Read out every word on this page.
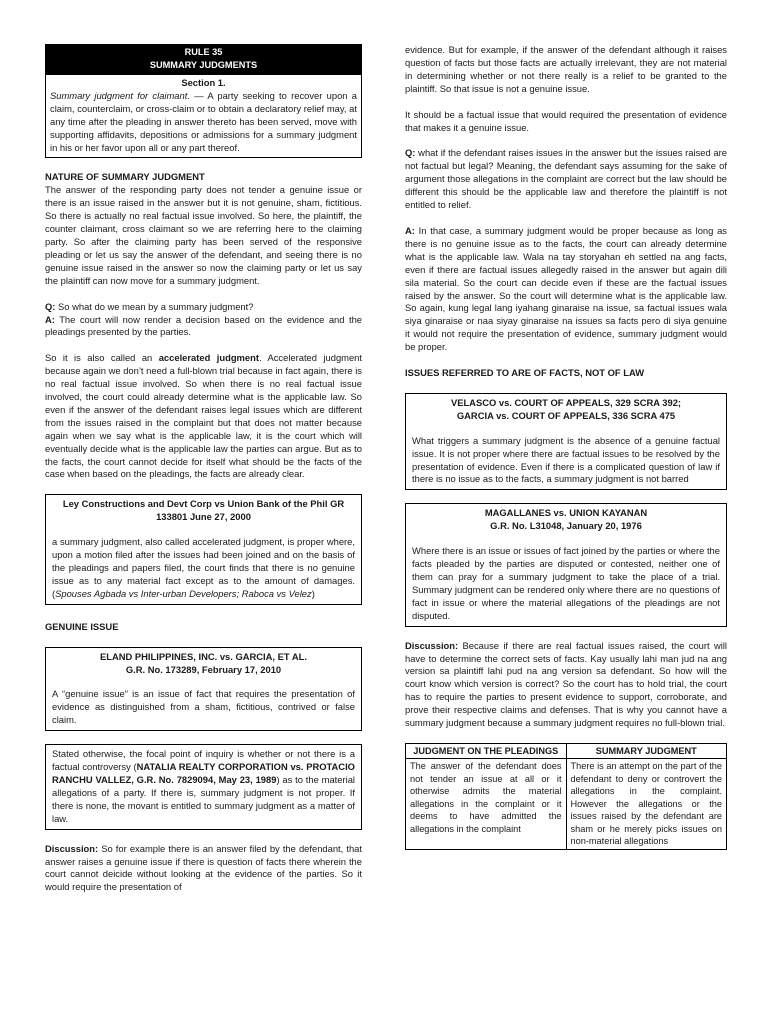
RULE 35
SUMMARY JUDGMENTS
Section 1.

Summary judgment for claimant. — A party seeking to recover upon a claim, counterclaim, or cross-claim or to obtain a declaratory relief may, at any time after the pleading in answer thereto has been served, move with supporting affidavits, depositions or admissions for a summary judgment in his or her favor upon all or any part thereof.

NATURE OF SUMMARY JUDGMENT

The answer of the responding party does not tender a genuine issue or there is an issue raised in the answer but it is not genuine, sham, fictitious. So there is actually no real factual issue involved. So here, the plaintiff, the counter claimant, cross claimant so we are referring here to the claiming party. So after the claiming party has been served of the responsive pleading or let us say the answer of the defendant, and seeing there is no genuine issue raised in the answer so now the claiming party or let us say the plaintiff can now move for a summary judgment.

Q: So what do we mean by a summary judgment?

A: The court will now render a decision based on the evidence and the pleadings presented by the parties.

So it is also called an accelerated judgment. Accelerated judgment because again we don’t need a full-blown trial because in fact again, there is no real factual issue involved. So when there is no real factual issue involved, the court could already determine what is the applicable law. So even if the answer of the defendant raises legal issues which are different from the issues raised in the complaint but that does not matter because again when we say what is the applicable law, it is the court which will eventually decide what is the applicable law the parties can argue. But as to the facts, the court cannot decide for itself what should be the facts of the case when based on the pleadings, the facts are already clear.

Ley Constructions and Devt Corp vs Union Bank of the Phil GR 133801 June 27, 2000

a summary judgment, also called accelerated judgment, is proper where, upon a motion filed after the issues had been joined and on the basis of the pleadings and papers filed, the court finds that there is no genuine issue as to any material fact except as to the amount of damages. (Spouses Agbada vs Inter-urban Developers; Raboca vs Velez)

GENUINE ISSUE
ELAND PHILIPPINES, INC. vs. GARCIA, ET AL.
G.R. No. 173289, February 17, 2010

A “genuine issue” is an issue of fact that requires the presentation of evidence as distinguished from a sham, fictitious, contrived or false claim.

Stated otherwise, the focal point of inquiry is whether or not there is a factual controversy (NATALIA REALTY CORPORATION vs. PROTACIO RANCHU VALLEZ, G.R. No. 7829094, May 23, 1989) as to the material allegations of a party. If there is, summary judgment is not proper. If there is none, the movant is entitled to summary judgment as a matter of law.

Discussion: So for example there is an answer filed by the defendant, that answer raises a genuine issue if there is question of facts there wherein the court cannot deicide without looking at the evidence of the parties. So it would require the presentation of

evidence. But for example, if the answer of the defendant although it raises question of facts but those facts are actually irrelevant, they are not material in determining whether or not there really is a relief to be granted to the plaintiff. So that issue is not a genuine issue.

It should be a factual issue that would required the presentation of evidence that makes it a genuine issue.

Q: what if the defendant raises issues in the answer but the issues raised are not factual but legal? Meaning, the defendant says assuming for the sake of argument those allegations in the complaint are correct but the law should be different this should be the applicable law and therefore the plaintiff is not entitled to relief.

A: In that case, a summary judgment would be proper because as long as there is no genuine issue as to the facts, the court can already determine what is the applicable law. Wala na tay storyahan eh settled na ang facts, even if there are factual issues allegedly raised in the answer but again dili sila material. So the court can decide even if these are the factual issues raised by the answer. So the court will determine what is the applicable law. So again, kung legal lang iyahang ginaraise na issue, sa factual issues wala siya ginaraise or naa siyay ginaraise na issues sa facts pero di siya genuine it would not require the presentation of evidence, summary judgment would be proper.

ISSUES REFERRED TO ARE OF FACTS, NOT OF LAW
VELASCO vs. COURT OF APPEALS, 329 SCRA 392;
GARCIA vs. COURT OF APPEALS, 336 SCRA 475

What triggers a summary judgment is the absence of a genuine factual issue. It is not proper where there are factual issues to be resolved by the presentation of evidence. Even if there is a complicated question of law if there is no issue as to the facts, a summary judgment is not barred

MAGALLANES vs. UNION KAYANAN
G.R. No. L31048, January 20, 1976

Where there is an issue or issues of fact joined by the parties or where the facts pleaded by the parties are disputed or contested, neither one of them can pray for a summary judgment to take the place of a trial. Summary judgment can be rendered only where there are no questions of fact in issue or where the material allegations of the pleadings are not disputed.

Discussion: Because if there are real factual issues raised, the court will have to determine the correct sets of facts. Kay usually lahi man jud na ang version sa plaintiff lahi pud na ang version sa defendant. So how will the court know which version is correct? So the court has to hold trial, the court has to require the parties to present evidence to support, corroborate, and prove their respective claims and defenses. That is why you cannot have a summary judgment because a summary judgment requires no full-blown trial.

JUDGMENT ON THE PLEADINGS	SUMMARY JUDGMENT
The answer of the defendant does not tender an issue at all or it otherwise admits the material allegations in the complaint or it deems to have admitted the allegations in the complaint	There is an attempt on the part of the defendant to deny or controvert the allegations in the complaint. However the allegations or the issues raised by the defendant are sham or he merely picks issues on non-material allegations
